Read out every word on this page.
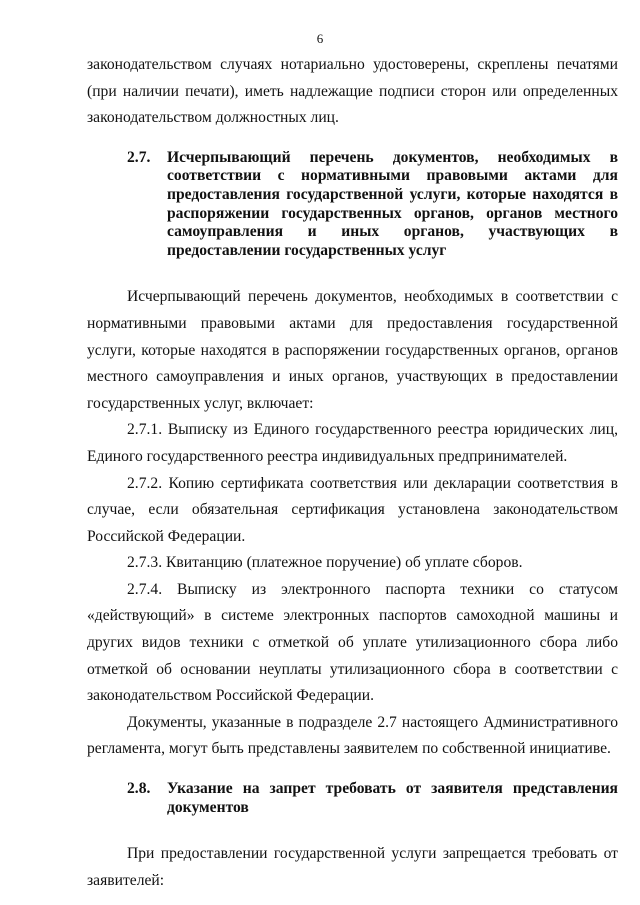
6

законодательством случаях нотариально удостоверены, скреплены печатями (при наличии печати), иметь надлежащие подписи сторон или определенных законодательством должностных лиц.

2.7.	Исчерпывающий перечень документов, необходимых в соответствии с нормативными правовыми актами для предоставления государственной услуги, которые находятся в распоряжении государственных органов, органов местного самоуправления и иных органов, участвующих в предоставлении государственных услуг

Исчерпывающий перечень документов, необходимых в соответствии с нормативными правовыми актами для предоставления государственной услуги, которые находятся в распоряжении государственных органов, органов местного самоуправления и иных органов, участвующих в предоставлении государственных услуг, включает:

2.7.1. Выписку из Единого государственного реестра юридических лиц, Единого государственного реестра индивидуальных предпринимателей.

2.7.2. Копию сертификата соответствия или декларации соответствия в случае, если обязательная сертификация установлена законодательством Российской Федерации.

2.7.3. Квитанцию (платежное поручение) об уплате сборов.

2.7.4. Выписку из электронного паспорта техники со статусом «действующий» в системе электронных паспортов самоходной машины и других видов техники с отметкой об уплате утилизационного сбора либо отметкой об основании неуплаты утилизационного сбора в соответствии с законодательством Российской Федерации.

Документы, указанные в подразделе 2.7 настоящего Административного регламента, могут быть представлены заявителем по собственной инициативе.

2.8.	Указание на запрет требовать от заявителя представления документов

При предоставлении государственной услуги запрещается требовать от заявителей:
